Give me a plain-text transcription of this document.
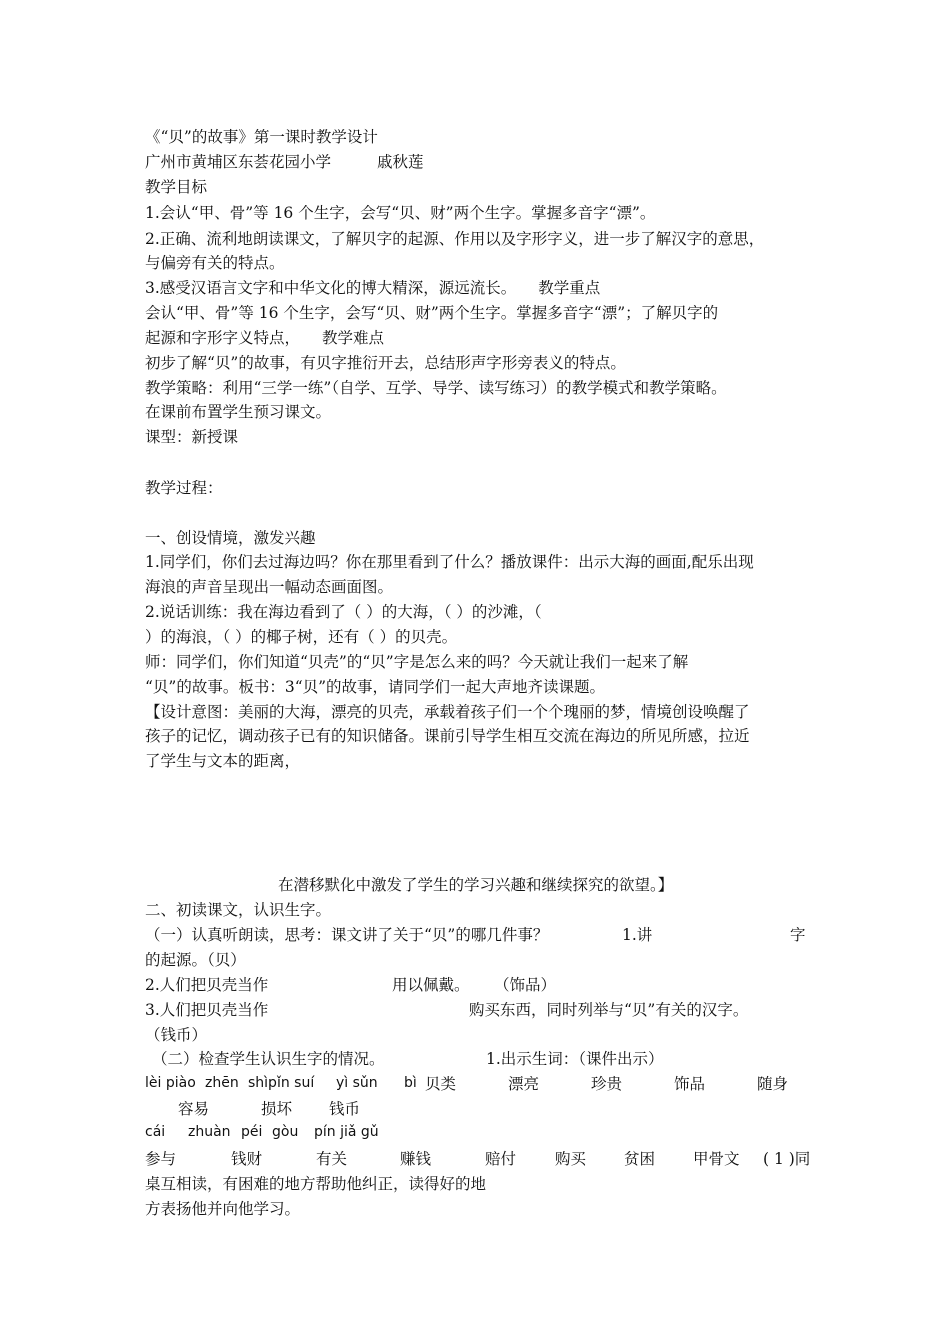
《“贝”的故事》第一课时教学设计
广州市黄埔区东荟花园小学	戚秋莲
教学目标
1.会认“甲、骨”等 16 个生字，会写“贝、财”两个生字。掌握多音字“漂”。
2.正确、流利地朗读课文，了解贝字的起源、作用以及字形字义，进一步了解汉字的意思，
与偏旁有关的特点。
3.感受汉语言文字和中华文化的博大精深，源远流长。 教学重点
会认“甲、骨”等 16 个生字，会写“贝、财”两个生字。掌握多音字“漂”；了解贝字的
起源和字形字义特点， 教学难点
初步了解“贝”的故事，有贝字推衍开去，总结形声字形旁表义的特点。
教学策略：利用“三学一练”（自学、互学、导学、读写练习）的教学模式和教学策略。
在课前布置学生预习课文。
课型：新授课
教学过程：
一、创设情境，激发兴趣
1.同学们，你们去过海边吗？你在那里看到了什么？播放课件：出示大海的画面,配乐出现
海浪的声音呈现出一幅动态画面图。
2.说话训练：我在海边看到了（ ）的大海，（ ）的沙滩，（
）的海浪，（ ）的椰子树，还有（ ）的贝壳。
师：同学们，你们知道“贝壳”的“贝”字是怎么来的吗？今天就让我们一起来了解
“贝”的故事。板书：3“贝”的故事，请同学们一起大声地齐读课题。
【设计意图：美丽的大海，漂亮的贝壳，承载着孩子们一个个瑰丽的梦，情境创设唤醒了
孩子的记忆，调动孩子已有的知识储备。课前引导学生相互交流在海边的所见所感，拉近
了学生与文本的距离，
在潜移默化中激发了学生的学习兴趣和继续探究的欲望。】
二、初读课文，认识生字。
（一）认真听朗读，思考：课文讲了关于“贝”的哪几件事？	1.讲	字
的起源。（贝）
2.人们把贝壳当作	用以佩戴。 （饰品）
3.人们把贝壳当作	购买东西，同时列举与“贝”有关的汉字。
（钱币）
（二）检查学生认识生字的情况。	1.出示生词：（课件出示）
lèi piào zhēn shìpǐn suí yì sǔn bì 贝类	漂亮	珍贵	饰品	随身
容易	损坏 钱币
cái zhuàn péi gòu pín jiǎ gǔ
参与	钱财	有关	赚钱	赔付	购买 贫困 甲骨文 ( 1 )同
桌互相读，有困难的地方帮助他纠正，读得好的地
方表扬他并向他学习。
